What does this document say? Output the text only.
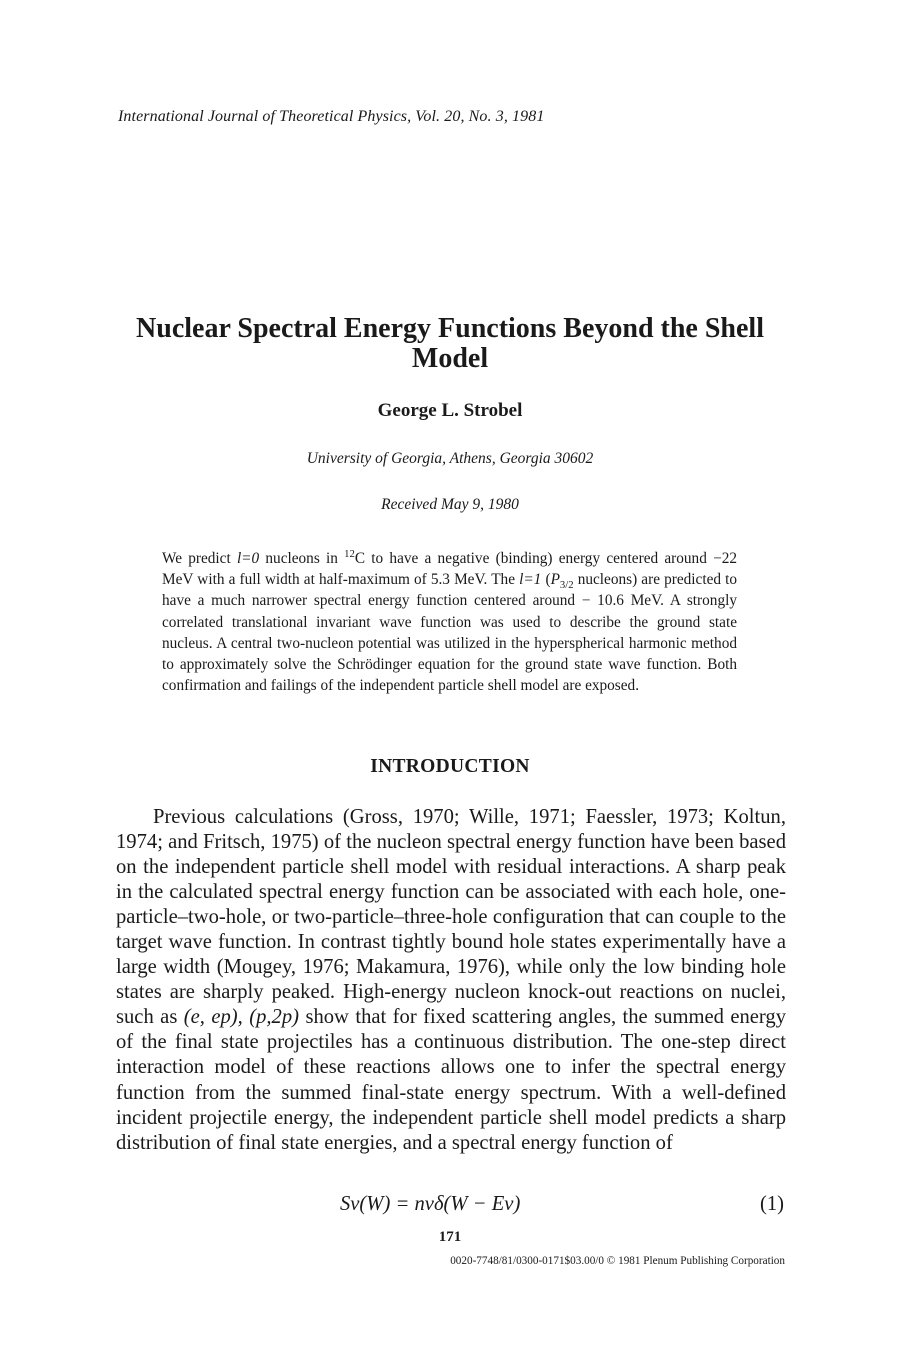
International Journal of Theoretical Physics, Vol. 20, No. 3, 1981
Nuclear Spectral Energy Functions Beyond the Shell Model
George L. Strobel
University of Georgia, Athens, Georgia 30602
Received May 9, 1980
We predict l=0 nucleons in $^{12}$C to have a negative (binding) energy centered around −22 MeV with a full width at half-maximum of 5.3 MeV. The l=1 ($P_{3/2}$ nucleons) are predicted to have a much narrower spectral energy function centered around − 10.6 MeV. A strongly correlated translational invariant wave function was used to describe the ground state nucleus. A central two-nucleon potential was utilized in the hyperspherical harmonic method to approximately solve the Schrödinger equation for the ground state wave function. Both confirmation and failings of the independent particle shell model are exposed.
INTRODUCTION
Previous calculations (Gross, 1970; Wille, 1971; Faessler, 1973; Koltun, 1974; and Fritsch, 1975) of the nucleon spectral energy function have been based on the independent particle shell model with residual interactions. A sharp peak in the calculated spectral energy function can be associated with each hole, one-particle–two-hole, or two-particle–three-hole configuration that can couple to the target wave function. In contrast tightly bound hole states experimentally have a large width (Mougey, 1976; Makamura, 1976), while only the low binding hole states are sharply peaked. High-energy nucleon knock-out reactions on nuclei, such as (e, ep), (p,2p) show that for fixed scattering angles, the summed energy of the final state projectiles has a continuous distribution. The one-step direct interaction model of these reactions allows one to infer the spectral energy function from the summed final-state energy spectrum. With a well-defined incident projectile energy, the independent particle shell model predicts a sharp distribution of final state energies, and a spectral energy function of
Sν(W) = nνδ(W − Eν)	(1)
171
0020-7748/81/0300-0171$03.00/0 © 1981 Plenum Publishing Corporation
